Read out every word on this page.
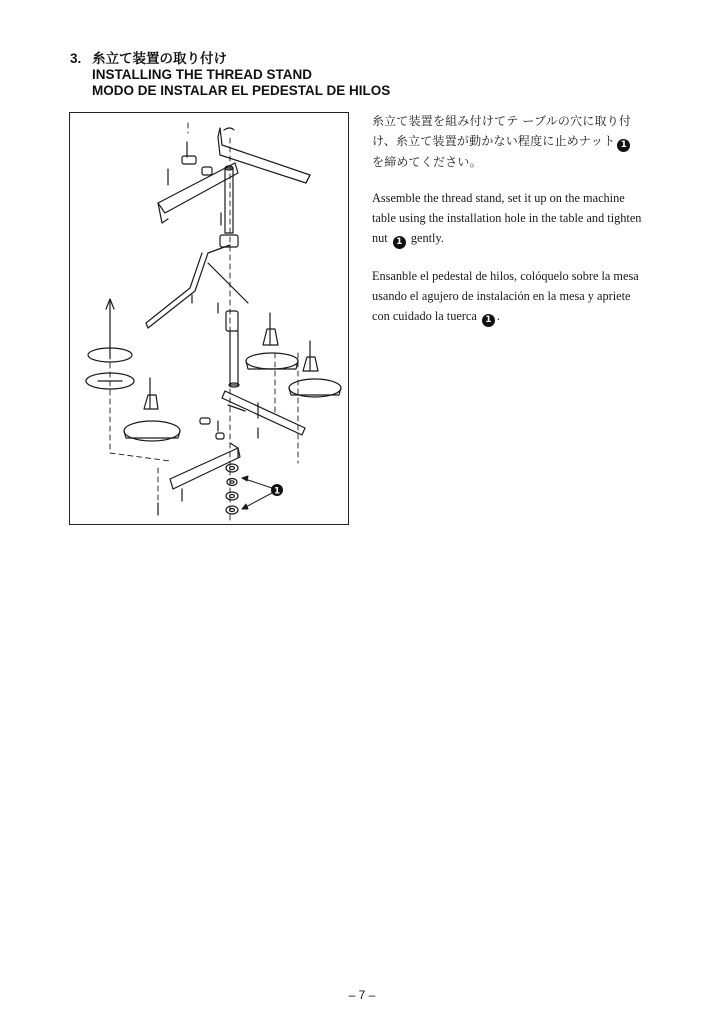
3. 糸立て装置の取り付け
INSTALLING THE THREAD STAND
MODO DE INSTALAR EL PEDESTAL DE HILOS
1
糸立て装置を組み付けてテ ーブルの穴に取り付
け、糸立て装置が動かない程度に止めナット 1
を締めてください。
Assemble the thread stand, set it up on the machine
table using the installation hole in the table and tighten
nut 1 gently.
Ensanble el pedestal de hilos, colóquelo sobre la mesa
usando el agujero de instalación en la mesa y apriete
con cuidado la tuerca 1 .
– 7 –
